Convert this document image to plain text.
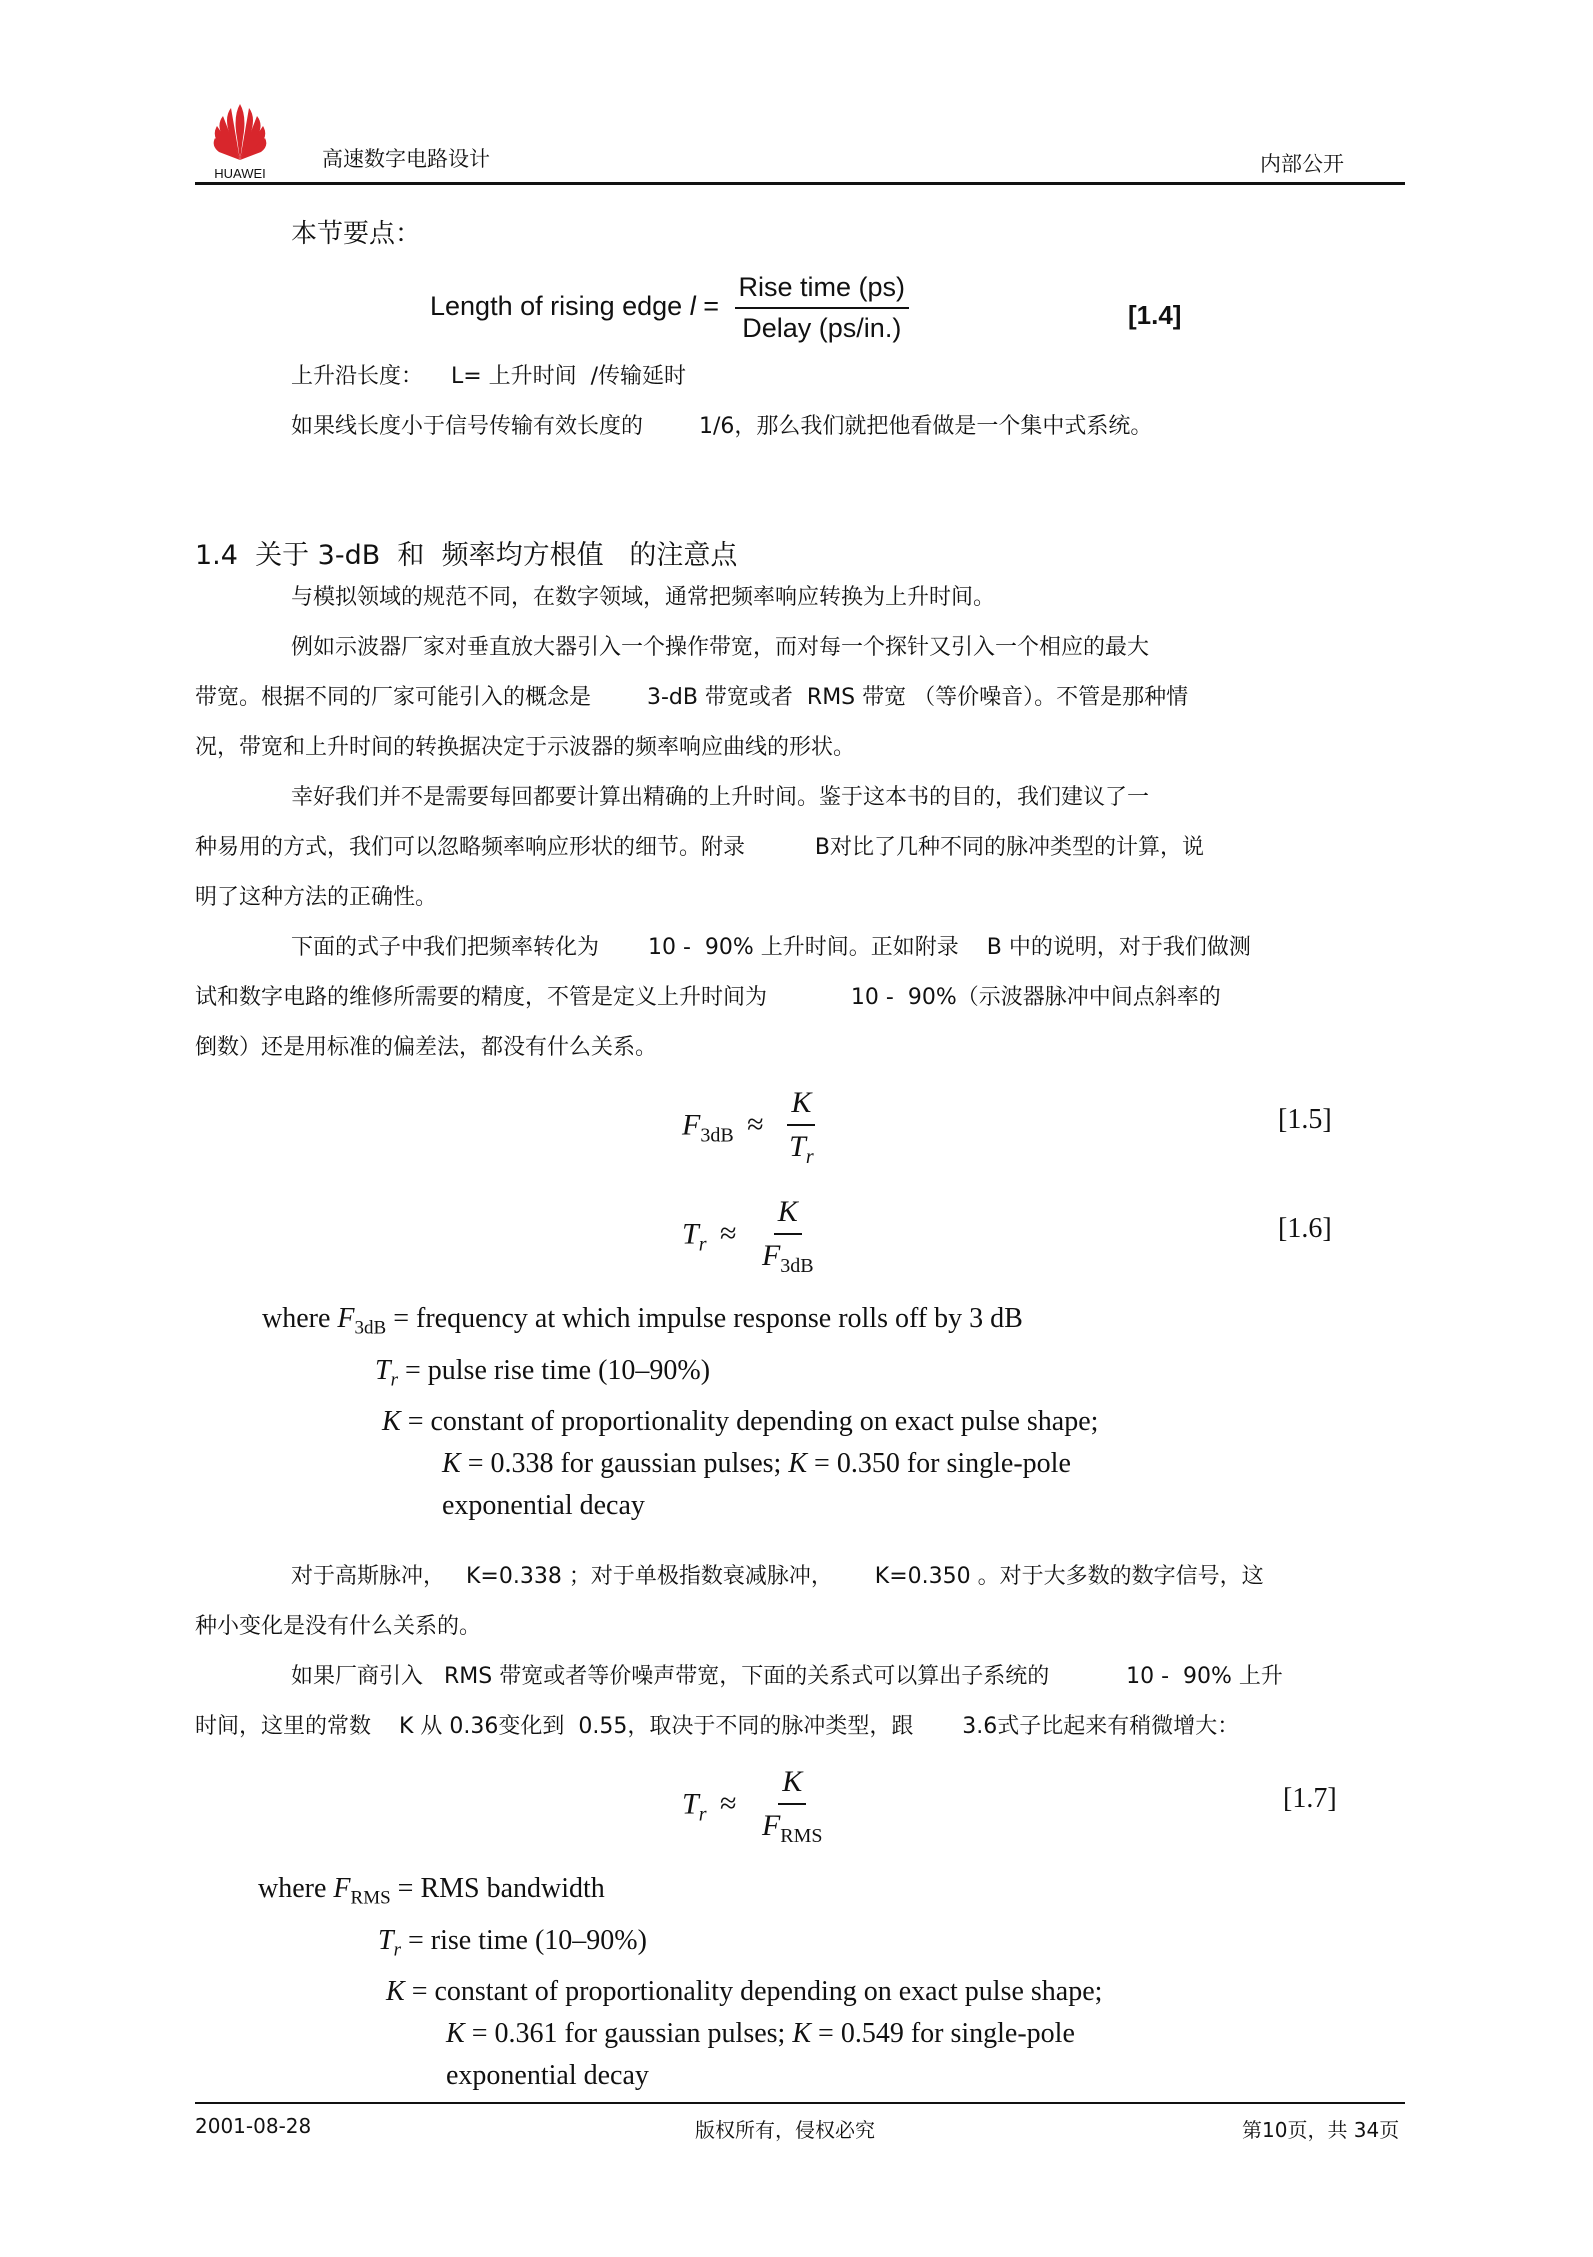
HUAWEI
高速数字电路设计	内部公开
本节要点：
Length of rising edge $l = \frac{\text{Rise time (ps)}}{\text{Delay (ps/in.)}}$	[1.4]
上升沿长度：    L= 上升时间  /传输延时
如果线长度小于信号传输有效长度的        1/6，那么我们就把他看做是一个集中式系统。
1.4  关于 3-dB  和  频率均方根值   的注意点
与模拟领域的规范不同，在数字领域，通常把频率响应转换为上升时间。
例如示波器厂家对垂直放大器引入一个操作带宽，而对每一个探针又引入一个相应的最大
带宽。根据不同的厂家可能引入的概念是        3-dB 带宽或者  RMS 带宽 （等价噪音）。不管是那种情
况，带宽和上升时间的转换据决定于示波器的频率响应曲线的形状。
幸好我们并不是需要每回都要计算出精确的上升时间。鉴于这本书的目的，我们建议了一
种易用的方式，我们可以忽略频率响应形状的细节。附录          B对比了几种不同的脉冲类型的计算，说
明了这种方法的正确性。
下面的式子中我们把频率转化为       10 -  90% 上升时间。正如附录    B 中的说明，对于我们做测
试和数字电路的维修所需要的精度，不管是定义上升时间为            10 -  90%（示波器脉冲中间点斜率的
倒数）还是用标准的偏差法，都没有什么关系。
$F_{3dB} \approx \frac{K}{T_r}$	[1.5]
$T_r \approx \frac{K}{F_{3dB}}$	[1.6]
where $F_{3dB}$ = frequency at which impulse response rolls off by 3 dB
$T_r$ = pulse rise time (10–90%)
K = constant of proportionality depending on exact pulse shape;
K = 0.338 for gaussian pulses; K = 0.350 for single-pole
exponential decay
对于高斯脉冲，   K=0.338 ；对于单极指数衰减脉冲，      K=0.350 。对于大多数的数字信号，这
种小变化是没有什么关系的。
如果厂商引入   RMS 带宽或者等价噪声带宽，下面的关系式可以算出子系统的           10 -  90% 上升
时间，这里的常数    K 从 0.36变化到  0.55，取决于不同的脉冲类型，跟       3.6式子比起来有稍微增大：
$T_r \approx \frac{K}{F_{RMS}}$	[1.7]
where $F_{RMS}$ = RMS bandwidth
$T_r$ = rise time (10–90%)
K = constant of proportionality depending on exact pulse shape;
K = 0.361 for gaussian pulses; K = 0.549 for single-pole
exponential decay
2001-08-28	版权所有，侵权必究	第10页，共 34页
